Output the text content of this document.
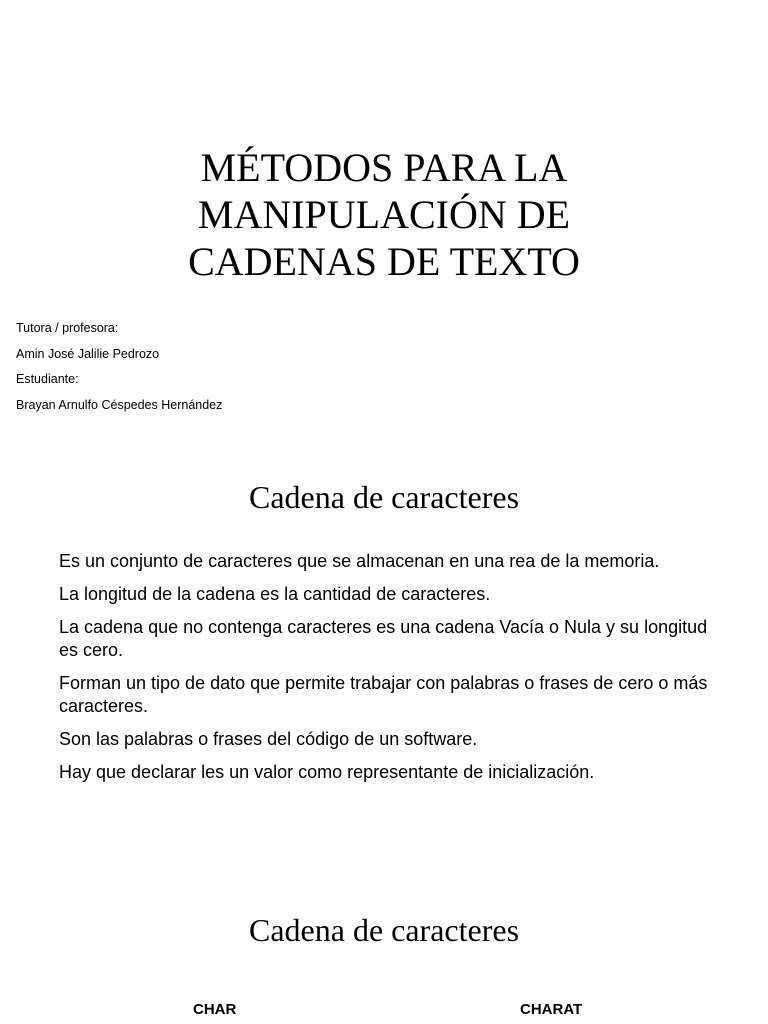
MÉTODOS PARA LA
MANIPULACIÓN DE
CADENAS DE TEXTO
Tutora / profesora:
Amin José Jalilie Pedrozo
Estudiante:
Brayan Arnulfo Céspedes Hernández
Cadena de caracteres
Es un conjunto de caracteres que se almacenan en una rea de la memoria.
La longitud de la cadena es la cantidad de caracteres.
La cadena que no contenga caracteres es una cadena Vacía o Nula y su longitud es cero.
Forman un tipo de dato que permite trabajar con palabras o frases de cero o más caracteres.
Son las palabras o frases del código de un software.
Hay que declarar les un valor como representante de inicialización.
Cadena de caracteres
CHAR	CHARAT
